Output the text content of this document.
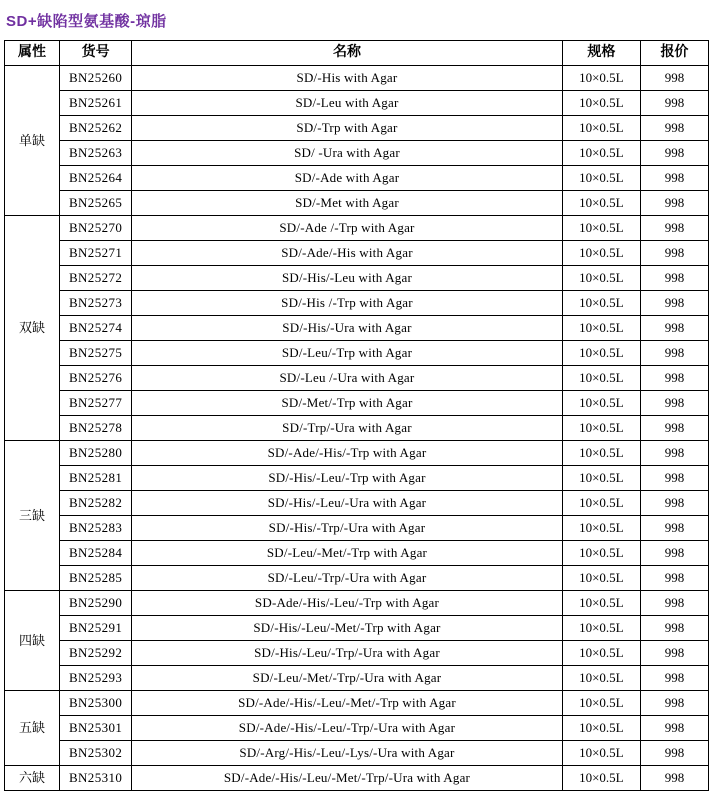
SD+缺陷型氨基酸-琼脂
属性	货号	名称	规格	报价
单缺	BN25260	SD/‑His with Agar	10×0.5L	998
	BN25261	SD/‑Leu with Agar	10×0.5L	998
	BN25262	SD/‑Trp with Agar	10×0.5L	998
	BN25263	SD/ ‑Ura with Agar	10×0.5L	998
	BN25264	SD/‑Ade with Agar	10×0.5L	998
	BN25265	SD/‑Met with Agar	10×0.5L	998
双缺	BN25270	SD/‑Ade /‑Trp with Agar	10×0.5L	998
	BN25271	SD/-Ade/-His with Agar	10×0.5L	998
	BN25272	SD/-His/-Leu with Agar	10×0.5L	998
	BN25273	SD/‑His /‑Trp with Agar	10×0.5L	998
	BN25274	SD/‑His/‑Ura with Agar	10×0.5L	998
	BN25275	SD/‑Leu/‑Trp with Agar	10×0.5L	998
	BN25276	SD/‑Leu /‑Ura with Agar	10×0.5L	998
	BN25277	SD/‑Met/‑Trp with Agar	10×0.5L	998
	BN25278	SD/-Trp/-Ura with Agar	10×0.5L	998
三缺	BN25280	SD/‑Ade/‑His/‑Trp with Agar	10×0.5L	998
	BN25281	SD/‑His/‑Leu/‑Trp with Agar	10×0.5L	998
	BN25282	SD/‑His/‑Leu/‑Ura with Agar	10×0.5L	998
	BN25283	SD/‑His/‑Trp/‑Ura with Agar	10×0.5L	998
	BN25284	SD/‑Leu/‑Met/‑Trp with Agar	10×0.5L	998
	BN25285	SD/‑Leu/‑Trp/‑Ura with Agar	10×0.5L	998
四缺	BN25290	SD‑Ade/‑His/‑Leu/‑Trp with Agar	10×0.5L	998
	BN25291	SD/‑His/‑Leu/‑Met/‑Trp with Agar	10×0.5L	998
	BN25292	SD/‑His/‑Leu/‑Trp/‑Ura with Agar	10×0.5L	998
	BN25293	SD/‑Leu/-Met/‑Trp/‑Ura with Agar	10×0.5L	998
五缺	BN25300	SD/‑Ade/‑His/‑Leu/‑Met/-Trp with Agar	10×0.5L	998
	BN25301	SD/‑Ade/‑His/‑Leu/‑Trp/‑Ura with Agar	10×0.5L	998
	BN25302	SD/‑Arg/‑His/‑Leu/‑Lys/‑Ura with Agar	10×0.5L	998
六缺	BN25310	SD/‑Ade/‑His/‑Leu/‑Met/-Trp/-Ura with Agar	10×0.5L	998
